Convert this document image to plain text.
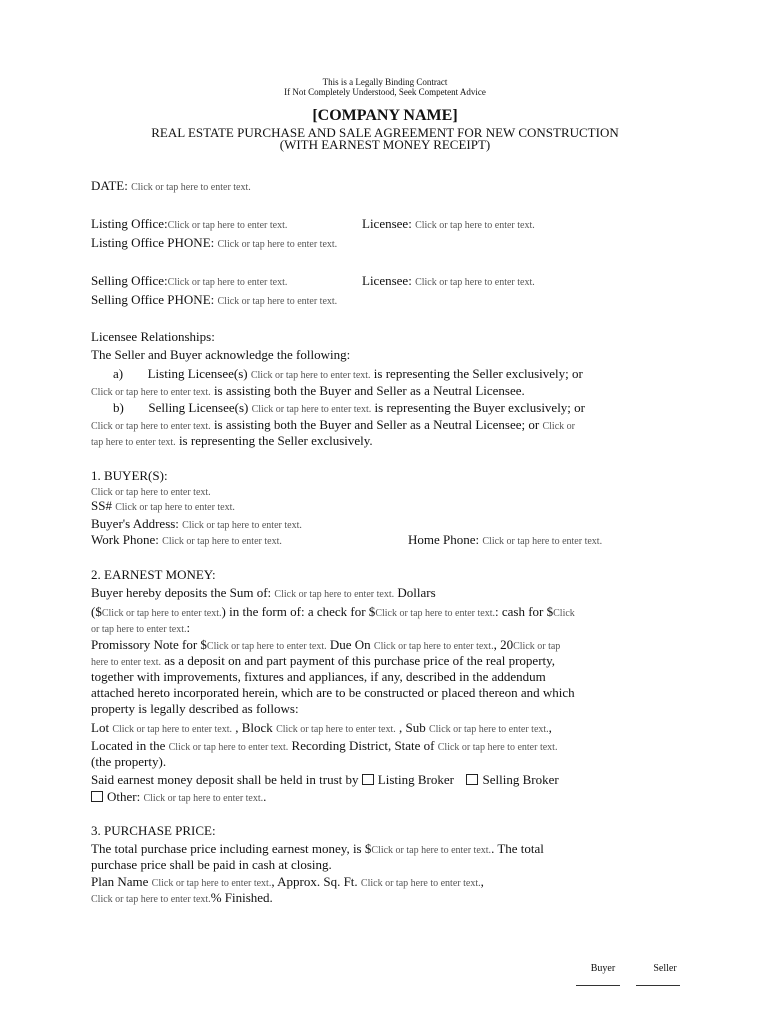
This is a Legally Binding Contract
If Not Completely Understood, Seek Competent Advice
[COMPANY NAME]
REAL ESTATE PURCHASE AND SALE AGREEMENT FOR NEW CONSTRUCTION
(WITH EARNEST MONEY RECEIPT)
DATE: Click or tap here to enter text.
Listing Office:Click or tap here to enter text.	Licensee: Click or tap here to enter text.
Listing Office PHONE: Click or tap here to enter text.
Selling Office:Click or tap here to enter text.	Licensee: Click or tap here to enter text.
Selling Office PHONE: Click or tap here to enter text.
Licensee Relationships:
The Seller and Buyer acknowledge the following:
a) Listing Licensee(s) Click or tap here to enter text. is representing the Seller exclusively; or
Click or tap here to enter text. is assisting both the Buyer and Seller as a Neutral Licensee.
b) Selling Licensee(s) Click or tap here to enter text. is representing the Buyer exclusively; or
Click or tap here to enter text. is assisting both the Buyer and Seller as a Neutral Licensee; or Click or
tap here to enter text. is representing the Seller exclusively.
1. BUYER(S):
Click or tap here to enter text.
SS# Click or tap here to enter text.
Buyer's Address: Click or tap here to enter text.
Work Phone: Click or tap here to enter text.	Home Phone: Click or tap here to enter text.
2. EARNEST MONEY:
Buyer hereby deposits the Sum of: Click or tap here to enter text. Dollars
($Click or tap here to enter text.) in the form of: a check for $Click or tap here to enter text.: cash for $Click
or tap here to enter text.:
Promissory Note for $Click or tap here to enter text. Due On Click or tap here to enter text., 20Click or tap
here to enter text. as a deposit on and part payment of this purchase price of the real property,
together with improvements, fixtures and appliances, if any, described in the addendum
attached hereto incorporated herein, which are to be constructed or placed thereon and which
property is legally described as follows:
Lot Click or tap here to enter text. , Block Click or tap here to enter text. , Sub Click or tap here to enter text.,
Located in the Click or tap here to enter text. Recording District, State of Click or tap here to enter text.
(the property).
Said earnest money deposit shall be held in trust by Listing Broker Selling Broker
Other: Click or tap here to enter text..
3. PURCHASE PRICE:
The total purchase price including earnest money, is $Click or tap here to enter text.. The total
purchase price shall be paid in cash at closing.
Plan Name Click or tap here to enter text., Approx. Sq. Ft. Click or tap here to enter text.,
Click or tap here to enter text.% Finished.
Buyer	Seller
